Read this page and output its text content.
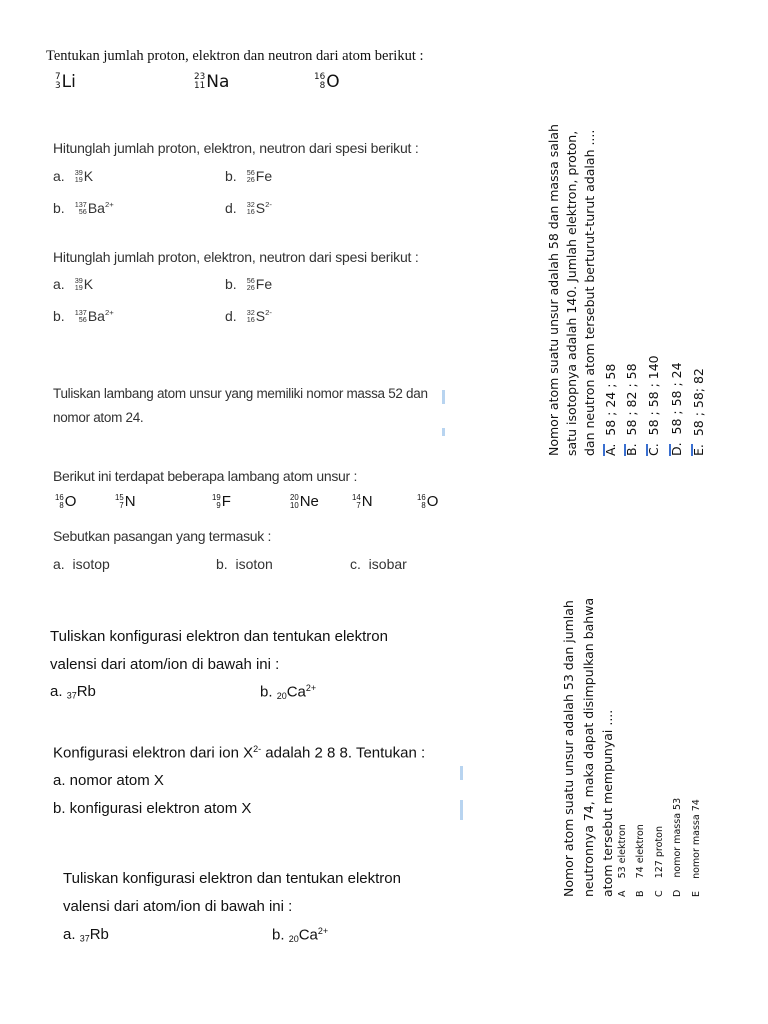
Tentukan jumlah proton, elektron dan neutron dari atom berikut :
7
3 Li	23
11 Na	16
8 O
Hitunglah jumlah proton, elektron, neutron dari spesi berikut :
a. 39
19 K	b. 56
26 Fe
b. 137
56 Ba 2+	d. 32
16 S 2-
Hitunglah jumlah proton, elektron, neutron dari spesi berikut :
a. 39
19 K	b. 56
26 Fe
b. 137
56 Ba 2+	d. 32
16 S 2-
Tuliskan lambang atom unsur yang memiliki nomor massa 52 dan
nomor atom 24.
Berikut ini terdapat beberapa lambang atom unsur :
16
8 O	15
7 N	19
9 F	20
10 Ne	14
7 N	16
8 O
Sebutkan pasangan yang termasuk :
a.  isotop	b.  isoton	c.  isobar
Tuliskan konfigurasi elektron dan tentukan elektron
valensi dari atom/ion di bawah ini :
a. $_{37}$Rb	b. $_{20}Ca^{2+}$
Konfigurasi elektron dari ion $X^{2-}$ adalah 2 8 8. Tentukan :
a. nomor atom X
b. konfigurasi elektron atom X
Tuliskan konfigurasi elektron dan tentukan elektron
valensi dari atom/ion di bawah ini :
a. $_{37}$Rb	b. $_{20}Ca^{2+}$
Nomor atom suatu unsur adalah 58 dan massa salah satu isotopnya adalah 140. Jumlah elektron, proton, dan neutron atom tersebut berturut-turut adalah .... A.  58 ; 24 ; 58 B.  58 ; 82 ; 58 C.  58 ; 58 ; 140 D.  58 ; 58 ; 24 E.  58 ; 58; 82
Nomor atom suatu unsur adalah 53 dan jumlah neutronnya 74, maka dapat disimpulkan bahwa atom tersebut mempunyai .... A    53 elektron B    74 elektron C    127 proton D    nomor massa 53 E    nomor massa 74
